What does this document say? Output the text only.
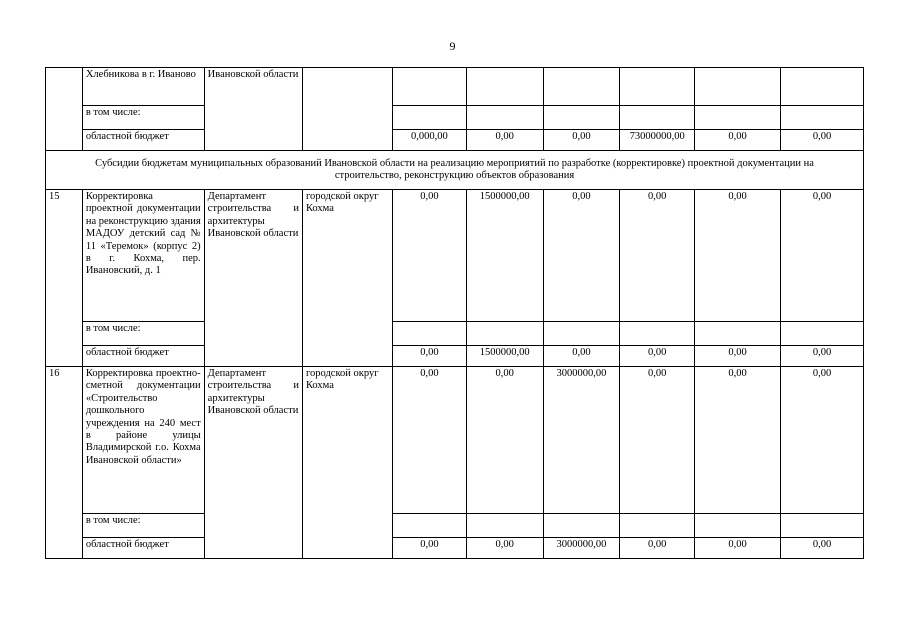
9
	Хлебникова в г. Иваново	Ивановской области							
	в том числе:								
	областной бюджет			0,000,00	0,00	0,00	73000000,00	0,00	0,00
Субсидии бюджетам муниципальных образований Ивановской области на реализацию мероприятий по разработке (корректировке) проектной документации на строительство, реконструкцию объектов образования									
15	Корректировка проектной документации на реконструкцию здания МАДОУ детский сад № 11 «Теремок» (корпус 2) в г. Кохма, пер. Ивановский, д. 1	Департамент строительства и архитектуры Ивановской области	городской округ Кохма	0,00	1500000,00	0,00	0,00	0,00	0,00
	в том числе:								
	областной бюджет			0,00	1500000,00	0,00	0,00	0,00	0,00
16	Корректировка проектно-сметной документации «Строительство дошкольного учреждения на 240 мест в районе улицы Владимирской г.о. Кохма Ивановской области»	Департамент строительства и архитектуры Ивановской области	городской округ Кохма	0,00	0,00	3000000,00	0,00	0,00	0,00
	в том числе:								
	областной бюджет			0,00	0,00	3000000,00	0,00	0,00	0,00
